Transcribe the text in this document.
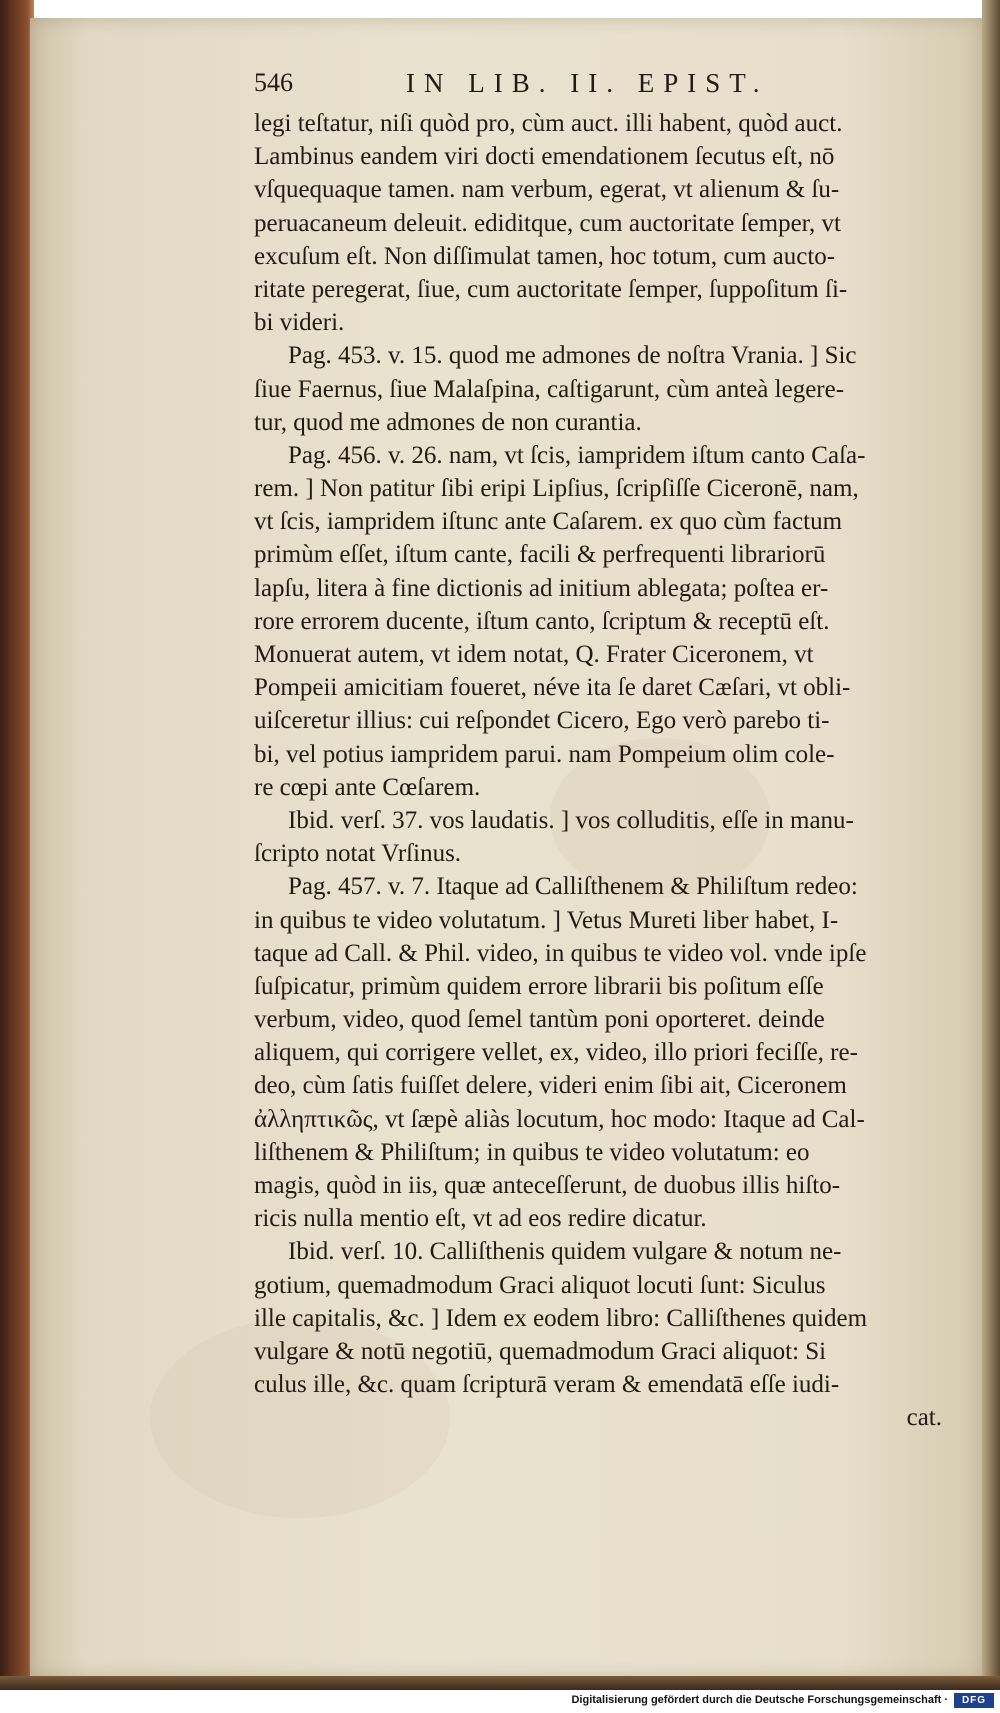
546	IN LIB. II. EPIST.
legi teſtatur, niſi quòd pro, cùm auct. illi habent, quòd auct.
Lambinus eandem viri docti emendationem ſecutus eſt, nō
vſquequaque tamen. nam verbum, egerat, vt alienum & ſu-
peruacaneum deleuit. ediditque, cum auctoritate ſemper, vt
excuſum eſt. Non diſſimulat tamen, hoc totum, cum aucto-
ritate peregerat, ſiue, cum auctoritate ſemper, ſuppoſitum ſi-
bi videri.
Pag. 453. v. 15. quod me admones de noſtra Vrania. ] Sic
ſiue Faernus, ſiue Malaſpina, caſtigarunt, cùm anteà legere-
tur, quod me admones de non curantia.
Pag. 456. v. 26. nam, vt ſcis, iampridem iſtum canto Caſa-
rem. ] Non patitur ſibi eripi Lipſius, ſcripſiſſe Ciceronē, nam,
vt ſcis, iampridem iſtunc ante Caſarem. ex quo cùm factum
primùm eſſet, iſtum cante, facili & perfrequenti librariorū
lapſu, litera à fine dictionis ad initium ablegata; poſtea er-
rore errorem ducente, iſtum canto, ſcriptum & receptū eſt.
Monuerat autem, vt idem notat, Q. Frater Ciceronem, vt
Pompeii amicitiam foueret, néve ita ſe daret Cæſari, vt obli-
uiſceretur illius: cui reſpondet Cicero, Ego verò parebo ti-
bi, vel potius iampridem parui. nam Pompeium olim cole-
re cœpi ante Cœſarem.
Ibid. verſ. 37. vos laudatis. ] vos colluditis, eſſe in manu-
ſcripto notat Vrſinus.
Pag. 457. v. 7. Itaque ad Calliſthenem & Philiſtum redeo:
in quibus te video volutatum. ] Vetus Mureti liber habet, I-
taque ad Call. & Phil. video, in quibus te video vol. vnde ipſe
ſuſpicatur, primùm quidem errore librarii bis poſitum eſſe
verbum, video, quod ſemel tantùm poni oporteret. deinde
aliquem, qui corrigere vellet, ex, video, illo priori feciſſe, re-
deo, cùm ſatis fuiſſet delere, videri enim ſibi ait, Ciceronem
ἀλληπτικῶς, vt ſæpè aliàs locutum, hoc modo: Itaque ad Cal-
liſthenem & Philiſtum; in quibus te video volutatum: eo
magis, quòd in iis, quæ anteceſſerunt, de duobus illis hiſto-
ricis nulla mentio eſt, vt ad eos redire dicatur.
Ibid. verſ. 10. Calliſthenis quidem vulgare & notum ne-
gotium, quemadmodum Graci aliquot locuti ſunt: Siculus
ille capitalis, &c. ] Idem ex eodem libro: Calliſthenes quidem
vulgare & notū negotiū, quemadmodum Graci aliquot: Si
culus ille, &c. quam ſcripturā veram & emendatā eſſe iudi-
cat.
Digitalisierung gefördert durch die Deutsche Forschungsgemeinschaft ·	DFG
